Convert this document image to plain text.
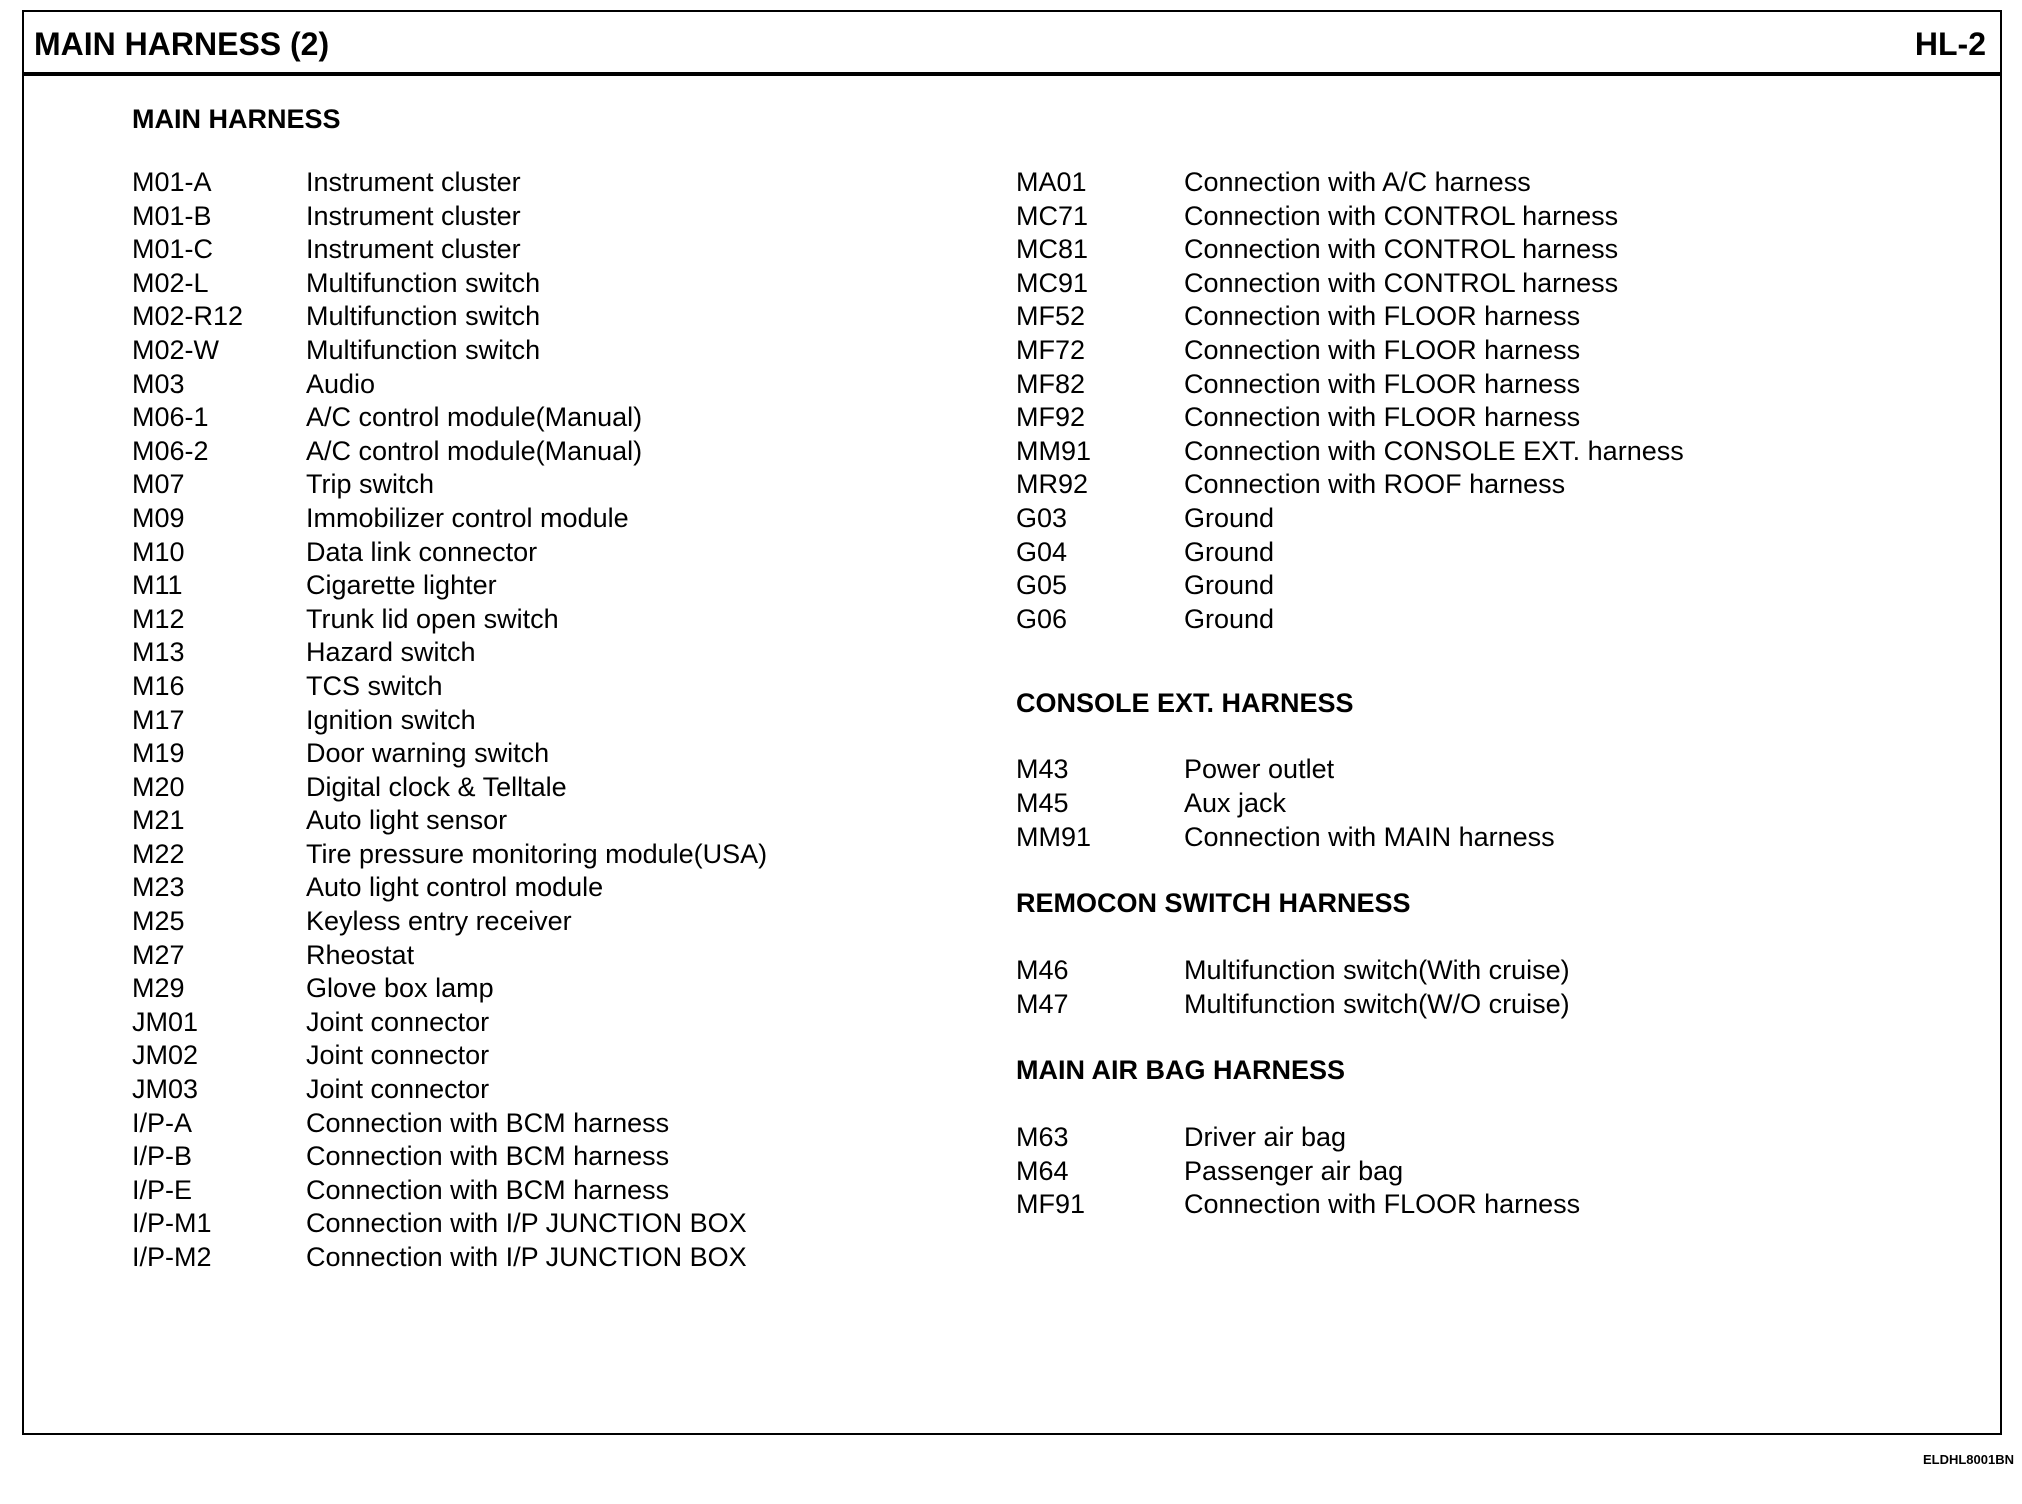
MAIN HARNESS (2)	HL-2
MAIN HARNESS
M01-A	Instrument cluster
M01-B	Instrument cluster
M01-C	Instrument cluster
M02-L	Multifunction switch
M02-R12 Multifunction switch
M02-W	Multifunction switch
M03	Audio
M06-1	A/C control module(Manual)
M06-2	A/C control module(Manual)
M07	Trip switch
M09	Immobilizer control module
M10	Data link connector
M11	Cigarette lighter
M12	Trunk lid open switch
M13	Hazard switch
M16	TCS switch
M17	Ignition switch
M19	Door warning switch
M20	Digital clock & Telltale
M21	Auto light sensor
M22	Tire pressure monitoring module(USA)
M23	Auto light control module
M25	Keyless entry receiver
M27	Rheostat
M29	Glove box lamp
JM01	Joint connector
JM02	Joint connector
JM03	Joint connector
I/P-A	Connection with BCM harness
I/P-B	Connection with BCM harness
I/P-E	Connection with BCM harness
I/P-M1	Connection with I/P JUNCTION BOX
I/P-M2	Connection with I/P JUNCTION BOX
MA01	Connection with A/C harness
MC71	Connection with CONTROL harness
MC81	Connection with CONTROL harness
MC91	Connection with CONTROL harness
MF52	Connection with FLOOR harness
MF72	Connection with FLOOR harness
MF82	Connection with FLOOR harness
MF92	Connection with FLOOR harness
MM91	Connection with CONSOLE EXT. harness
MR92	Connection with ROOF harness
G03	Ground
G04	Ground
G05	Ground
G06	Ground
CONSOLE EXT. HARNESS
M43	Power outlet
M45	Aux jack
MM91	Connection with MAIN harness
REMOCON SWITCH HARNESS
M46	Multifunction switch(With cruise)
M47	Multifunction switch(W/O cruise)
MAIN AIR BAG HARNESS
M63	Driver air bag
M64	Passenger air bag
MF91	Connection with FLOOR harness
ELDHL8001BN
